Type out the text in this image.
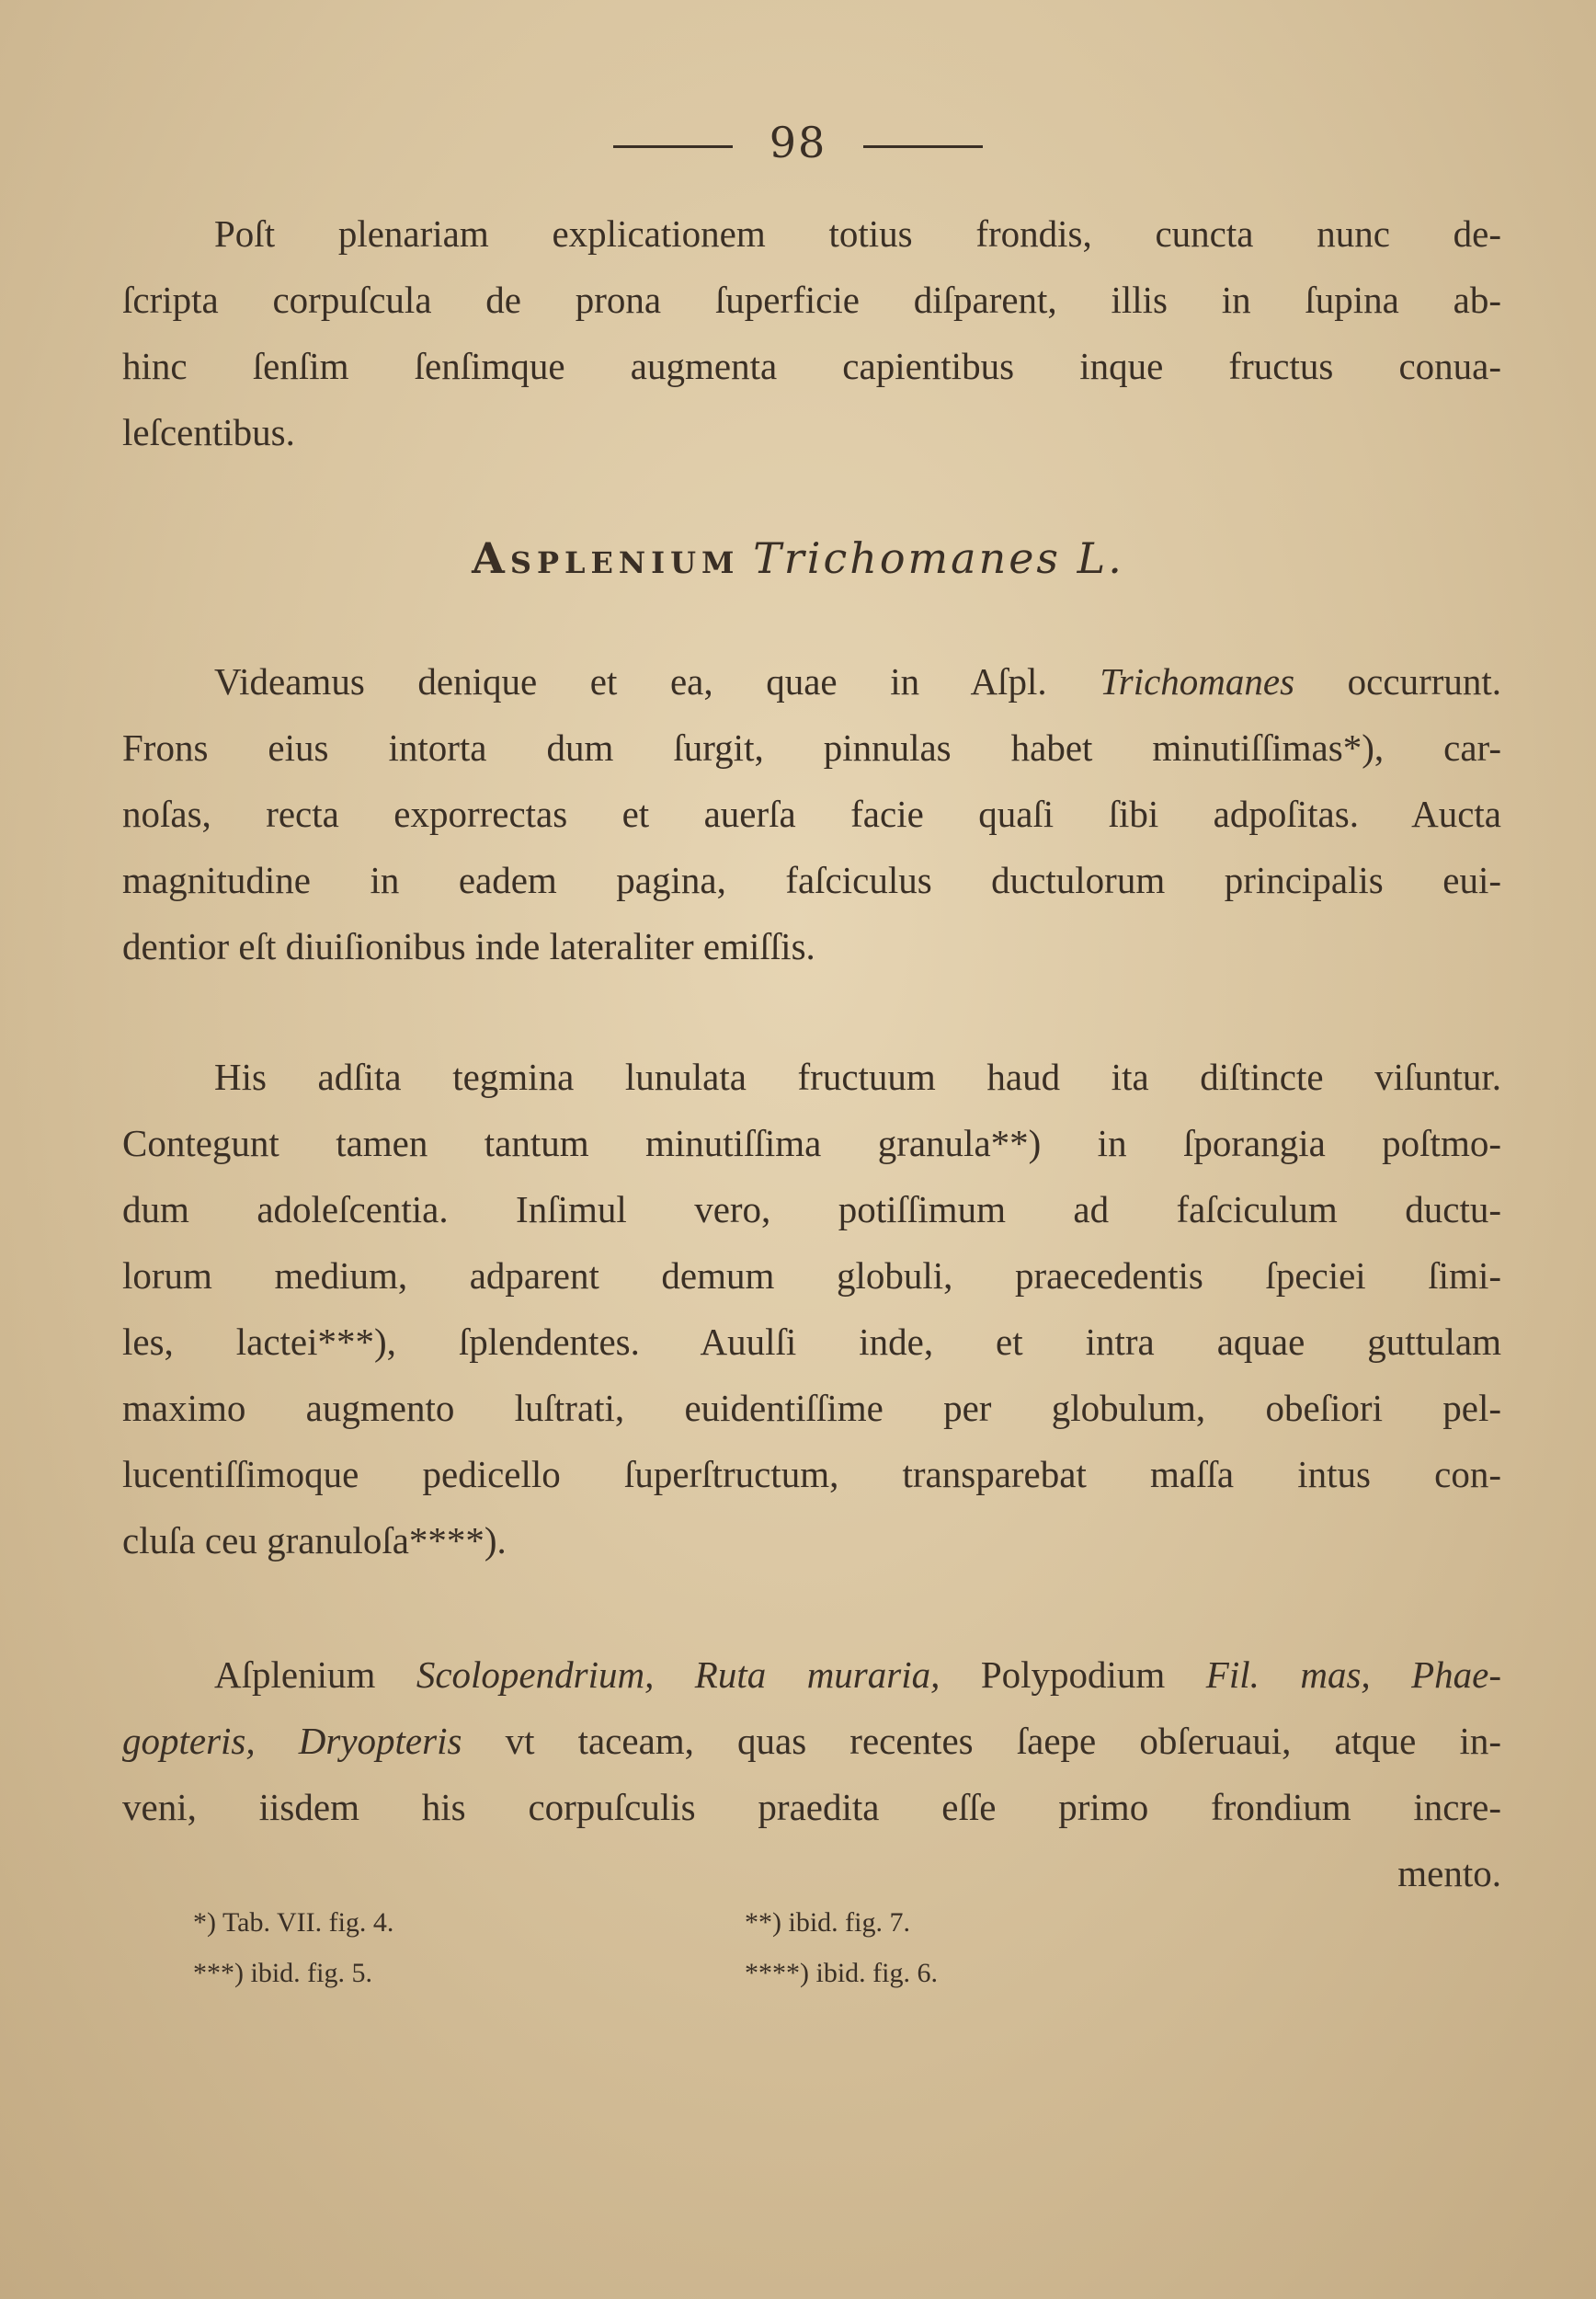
98
Poſt plenariam explicationem totius frondis, cuncta nunc de-
ſcripta corpuſcula de prona ſuperficie diſparent, illis in ſupina ab-
hinc ſenſim ſenſimque augmenta capientibus inque fructus conua-
leſcentibus.
Asplenium Trichomanes L.
Videamus denique et ea, quae in Aſpl. Trichomanes occurrunt.
Frons eius intorta dum ſurgit, pinnulas habet minutiſſimas*), car-
noſas, recta exporrectas et auerſa facie quaſi ſibi adpoſitas. Aucta
magnitudine in eadem pagina, faſciculus ductulorum principalis eui-
dentior eſt diuiſionibus inde lateraliter emiſſis.
His adſita tegmina lunulata fructuum haud ita diſtincte viſuntur.
Contegunt tamen tantum minutiſſima granula**) in ſporangia poſtmo-
dum adoleſcentia. Inſimul vero, potiſſimum ad faſciculum ductu-
lorum medium, adparent demum globuli, praecedentis ſpeciei ſimi-
les, lactei***), ſplendentes. Auulſi inde, et intra aquae guttulam
maximo augmento luſtrati, euidentiſſime per globulum, obeſiori pel-
lucentiſſimoque pedicello ſuperſtructum, transparebat maſſa intus con-
cluſa ceu granuloſa****).
Aſplenium Scolopendrium, Ruta muraria, Polypodium Fil. mas, Phae-
gopteris, Dryopteris vt taceam, quas recentes ſaepe obſeruaui, atque in-
veni, iisdem his corpuſculis praedita eſſe primo frondium incre-
mento.
*) Tab. VII. fig. 4.	**) ibid. fig. 7.
***) ibid. fig. 5.	****) ibid. fig. 6.
